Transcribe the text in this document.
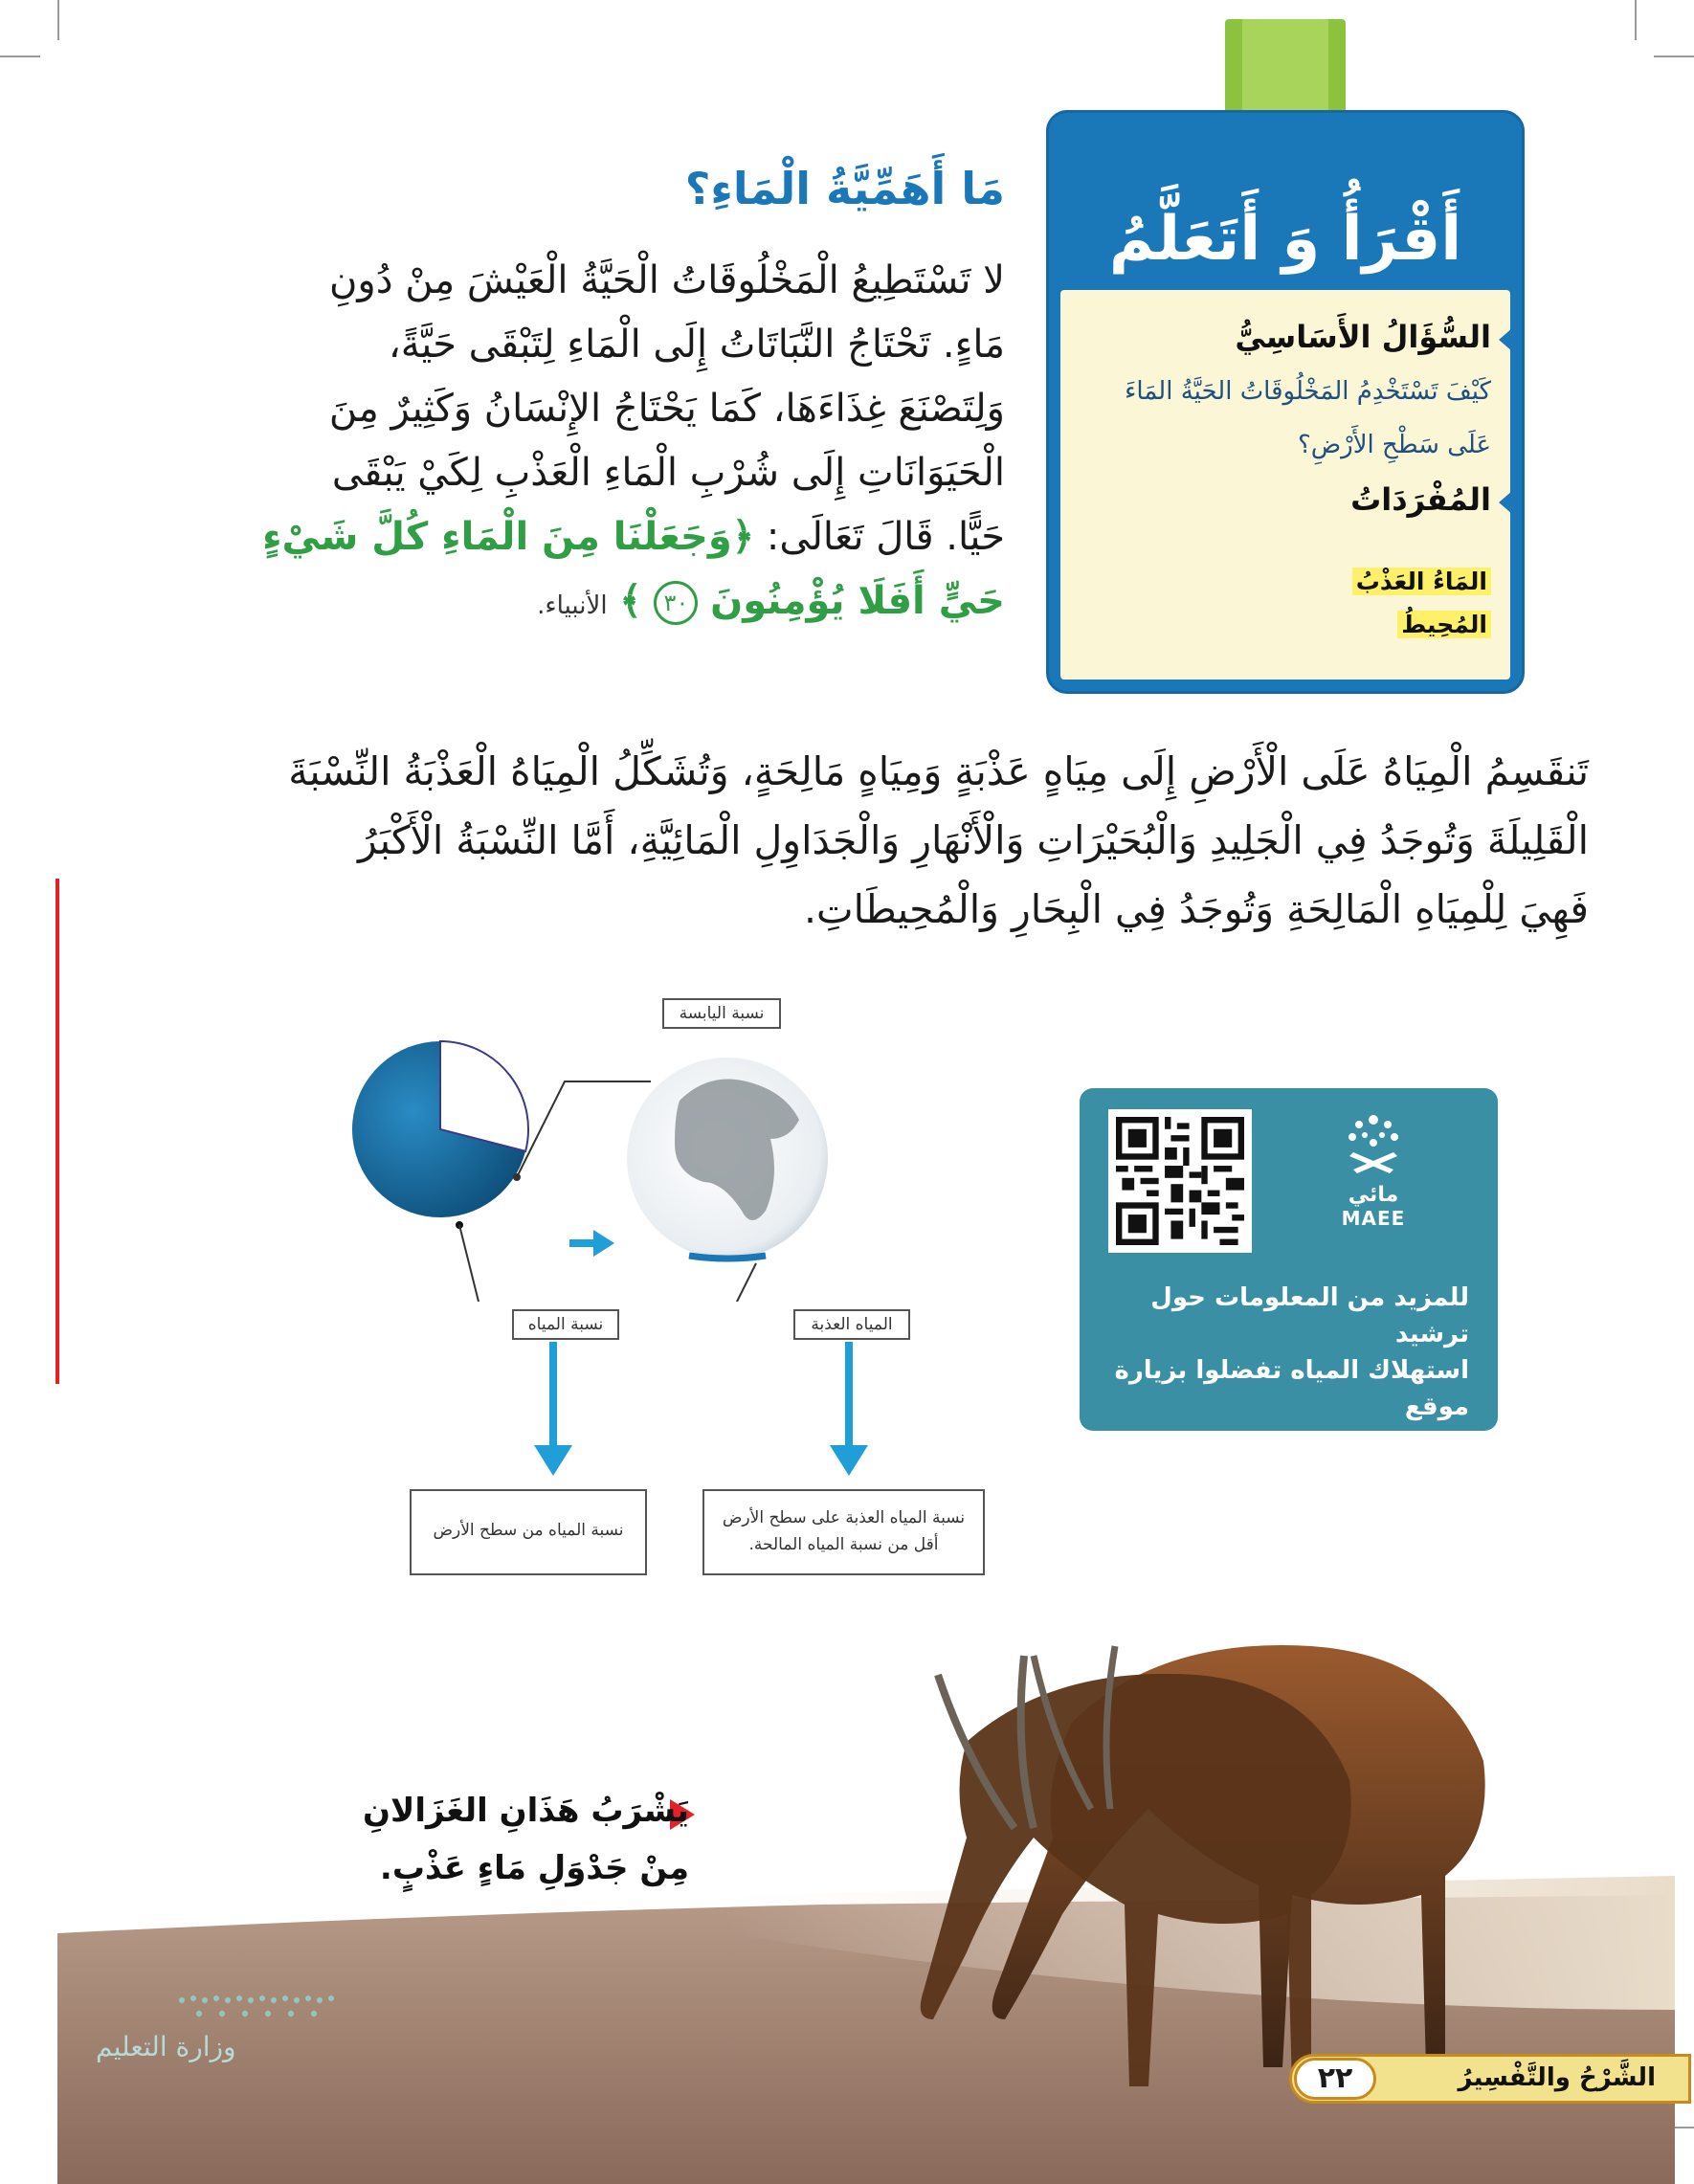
أَقْرَأُ وَ أَتَعَلَّمُ
السُّؤَالُ الأَسَاسِيُّ
كَيْفَ تَسْتَخْدِمُ المَخْلُوقَاتُ الحَيَّةُ المَاءَ
عَلَى سَطْحِ الأَرْضِ؟
المُفْرَدَاتُ
المَاءُ العَذْبُ
المُحِيطُ
مَا أَهَمِّيَّةُ الْمَاءِ؟
لا تَسْتَطِيعُ الْمَخْلُوقَاتُ الْحَيَّةُ الْعَيْشَ مِنْ دُونِ
مَاءٍ. تَحْتَاجُ النَّبَاتَاتُ إِلَى الْمَاءِ لِتَبْقَى حَيَّةً،
وَلِتَصْنَعَ غِذَاءَهَا، كَمَا يَحْتَاجُ الإِنْسَانُ وَكَثِيرٌ مِنَ
الْحَيَوَانَاتِ إِلَى شُرْبِ الْمَاءِ الْعَذْبِ لِكَيْ يَبْقَى
حَيًّا. قَالَ تَعَالَى: ﴿وَجَعَلْنَا مِنَ الْمَاءِ كُلَّ شَيْءٍ
حَيٍّ أَفَلَا يُؤْمِنُونَ ٣٠ ﴾ الأنبياء.
تَنقَسِمُ الْمِيَاهُ عَلَى الْأَرْضِ إِلَى مِيَاهٍ عَذْبَةٍ وَمِيَاهٍ مَالِحَةٍ، وَتُشَكِّلُ الْمِيَاهُ الْعَذْبَةُ النِّسْبَةَ
الْقَلِيلَةَ وَتُوجَدُ فِي الْجَلِيدِ وَالْبُحَيْرَاتِ وَالْأَنْهَارِ وَالْجَدَاوِلِ الْمَائِيَّةِ، أَمَّا النِّسْبَةُ الْأَكْبَرُ
فَهِيَ لِلْمِيَاهِ الْمَالِحَةِ وَتُوجَدُ فِي الْبِحَارِ وَالْمُحِيطَاتِ.
نسبة اليابسة
نسبة المياه	المياه العذبة
نسبة المياه من سطح الأرض
نسبة المياه العذبة على سطح الأرض
أقل من نسبة المياه المالحة.
مائي
MAEE
للمزيد من المعلومات حول ترشيد
استهلاك المياه تفضلوا بزيارة موقع
المركز الوطني لكفاءة وترشيد المياه.
يَشْرَبُ هَذَانِ الغَزَالانِ
مِنْ جَدْوَلِ مَاءٍ عَذْبٍ.
وزارة التعليم
٢٢	الشَّرْحُ والتَّفْسِيرُ
